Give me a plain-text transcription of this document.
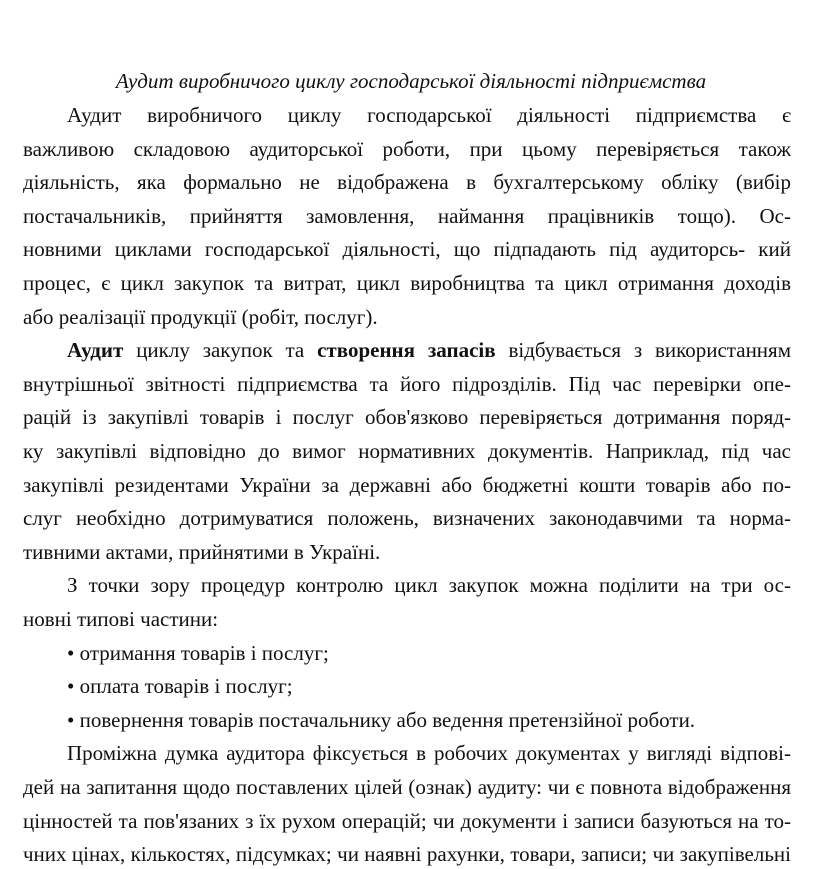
Аудит виробничого циклу господарської діяльності підприємства
Аудит виробничого циклу господарської діяльності підприємства є
важливою складовою аудиторської роботи, при цьому перевіряється також
діяльність, яка формально не відображена в бухгалтерському обліку (вибір
постачальників, прийняття замовлення, наймання працівників тощо). Ос-
новними циклами господарської діяльності, що підпадають під аудиторсь- кий
процес, є цикл закупок та витрат, цикл виробництва та цикл отримання доходів
або реалізації продукції (робіт, послуг).
Аудит циклу закупок та створення запасів відбувається з використанням
внутрішньої звітності підприємства та його підрозділів. Під час перевірки опе-
рацій із закупівлі товарів і послуг обов'язково перевіряється дотримання поряд-
ку закупівлі відповідно до вимог нормативних документів. Наприклад, під час
закупівлі резидентами України за державні або бюджетні кошти товарів або по-
слуг необхідно дотримуватися положень, визначених законодавчими та норма-
тивними актами, прийнятими в Україні.
З точки зору процедур контролю цикл закупок можна поділити на три ос-
новні типові частини:
• отримання товарів і послуг;
• оплата товарів і послуг;
• повернення товарів постачальнику або ведення претензійної роботи.
Проміжна думка аудитора фіксується в робочих документах у вигляді відпові-
дей на запитання щодо поставлених цілей (ознак) аудиту: чи є повнота відображення
цінностей та пов'язаних з їх рухом операцій; чи документи і записи базуються на то-
чних цінах, кількостях, підсумках; чи наявні рахунки, товари, записи; чи закупівельні
